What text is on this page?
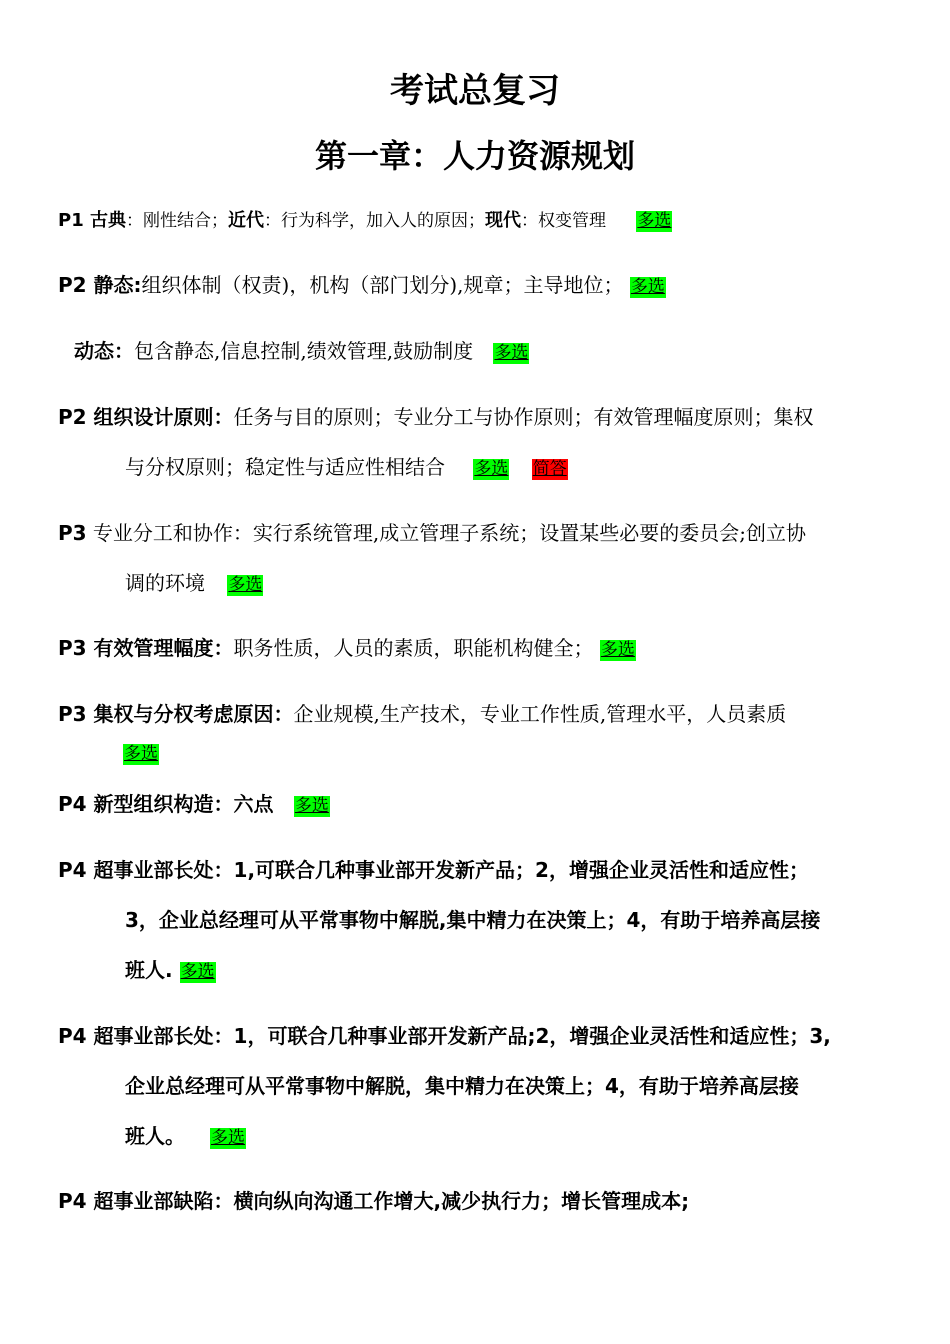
考试总复习
第一章：人力资源规划
P1 古典：刚性结合；近代：行为科学，加入人的原因；现代：权变管理 多选
P2 静态:组织体制（权责)，机构（部门划分),规章；主导地位； 多选
动态：包含静态,信息控制,绩效管理,鼓励制度 多选
P2 组织设计原则：任务与目的原则；专业分工与协作原则；有效管理幅度原则；集权
与分权原则；稳定性与适应性相结合 多选 简答
P3 专业分工和协作：实行系统管理,成立管理子系统；设置某些必要的委员会;创立协
调的环境 多选
P3 有效管理幅度：职务性质，人员的素质，职能机构健全； 多选
P3 集权与分权考虑原因：企业规模,生产技术，专业工作性质,管理水平，人员素质
多选
P4 新型组织构造：六点 多选
P4 超事业部长处：1,可联合几种事业部开发新产品；2，增强企业灵活性和适应性；
3，企业总经理可从平常事物中解脱,集中精力在决策上；4，有助于培养高层接
班人. 多选
P4 超事业部长处：1，可联合几种事业部开发新产品;2，增强企业灵活性和适应性；3,
企业总经理可从平常事物中解脱，集中精力在决策上；4，有助于培养高层接
班人。 多选
P4 超事业部缺陷：横向纵向沟通工作增大,减少执行力；增长管理成本;
